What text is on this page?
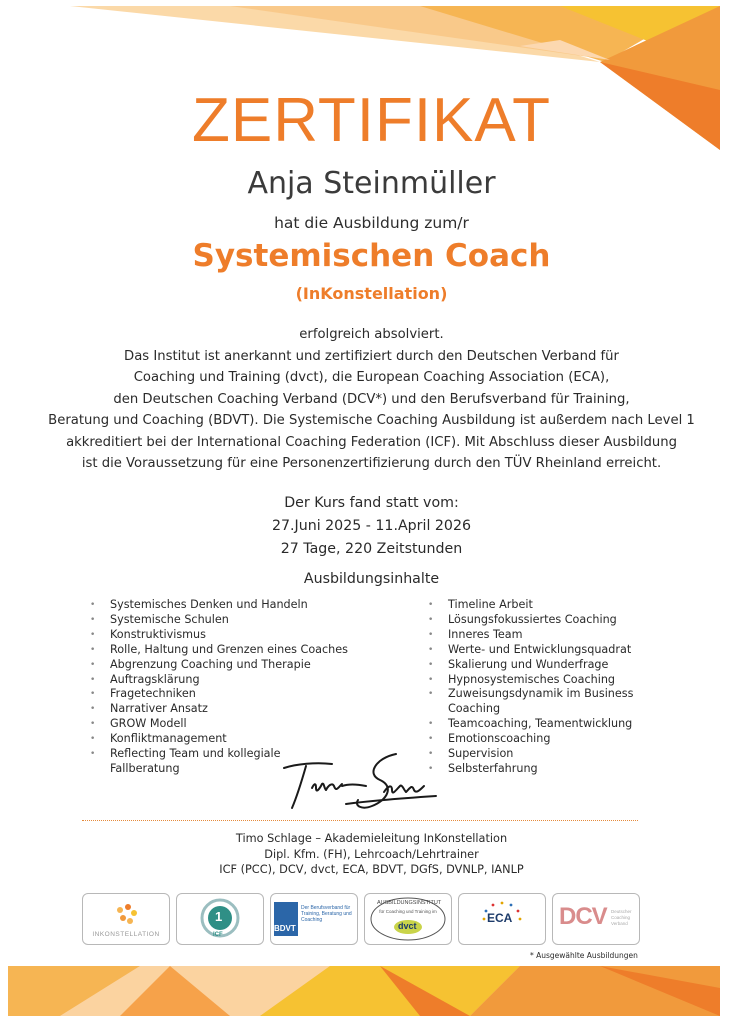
ZERTIFIKAT
Anja Steinmüller
hat die Ausbildung zum/r
Systemischen Coach
(InKonstellation)
erfolgreich absolviert.
Das Institut ist anerkannt und zertifiziert durch den Deutschen Verband für
Coaching und Training (dvct), die European Coaching Association (ECA),
den Deutschen Coaching Verband (DCV*) und den Berufsverband für Training,
Beratung und Coaching (BDVT). Die Systemische Coaching Ausbildung ist außerdem nach Level 1
akkreditiert bei der International Coaching Federation (ICF). Mit Abschluss dieser Ausbildung
ist die Voraussetzung für eine Personenzertifizierung durch den TÜV Rheinland erreicht.
Der Kurs fand statt vom:
27.Juni 2025 - 11.April 2026
27 Tage, 220 Zeitstunden
Ausbildungsinhalte
• Systemisches Denken und Handeln
• Systemische Schulen
• Konstruktivismus
• Rolle, Haltung und Grenzen eines Coaches
• Abgrenzung Coaching und Therapie
• Auftragsklärung
• Fragetechniken
• Narrativer Ansatz
• GROW Modell
• Konfliktmanagement
• Reflecting Team und kollegiale Fallberatung
• Timeline Arbeit
• Lösungsfokussiertes Coaching
• Inneres Team
• Werte- und Entwicklungsquadrat
• Skalierung und Wunderfrage
• Hypnosystemisches Coaching
• Zuweisungsdynamik im Business Coaching
• Teamcoaching, Teamentwicklung
• Emotionscoaching
• Supervision
• Selbsterfahrung
Timo Schlage – Akademieleitung InKonstellation
Dipl. Kfm. (FH), Lehrcoach/Lehrtrainer
ICF (PCC), DCV, dvct, ECA, BDVT, DGfS, DVNLP, IANLP
INKONSTELLATION
1
ICF
BDVT
Der Berufsverband für Training, Beratung und Coaching
AUSBILDUNGSINSTITUT
für Coaching und Training im
dvct
ECA DCV Deutscher Coaching Verband
* Ausgewählte Ausbildungen
